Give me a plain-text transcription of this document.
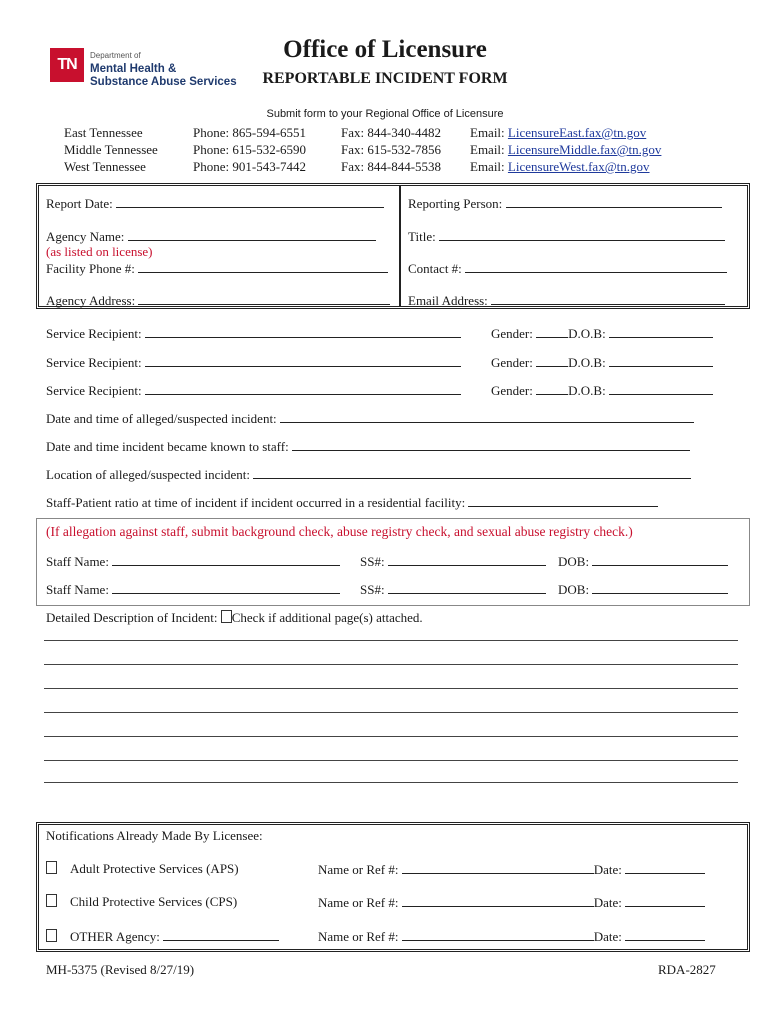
TN
Department of
Mental Health &
Substance Abuse Services
Office of Licensure
REPORTABLE INCIDENT FORM
Submit form to your Regional Office of Licensure
East Tennessee	Phone: 865-594-6551	Fax: 844-340-4482 Email: LicensureEast.fax@tn.gov
Middle Tennessee	Phone: 615-532-6590	Fax: 615-532-7856 Email: LicensureMiddle.fax@tn.gov
West Tennessee	Phone: 901-543-7442	Fax: 844-844-5538 Email: LicensureWest.fax@tn.gov
Report Date:
Agency Name:
(as listed on license)
Facility Phone #:
Agency Address:
Reporting Person:
Title:
Contact #:
Email Address:
Service Recipient:	Gender:	D.O.B:
Service Recipient:	Gender:	D.O.B:
Service Recipient:	Gender:	D.O.B:
Date and time of alleged/suspected incident:
Date and time incident became known to staff:
Location of alleged/suspected incident:
Staff-Patient ratio at time of incident if incident occurred in a residential facility:
(If allegation against staff, submit background check, abuse registry check, and sexual abuse registry check.)
Staff Name:	SS#:	DOB:
Staff Name:	SS#:	DOB:
Detailed Description of Incident: Check if additional page(s) attached.
Notifications Already Made By Licensee:
Adult Protective Services (APS)	Name or Ref #:	Date:
Child Protective Services (CPS)	Name or Ref #:	Date:
OTHER Agency:	Name or Ref #:	Date:
MH-5375 (Revised 8/27/19)	RDA-2827
